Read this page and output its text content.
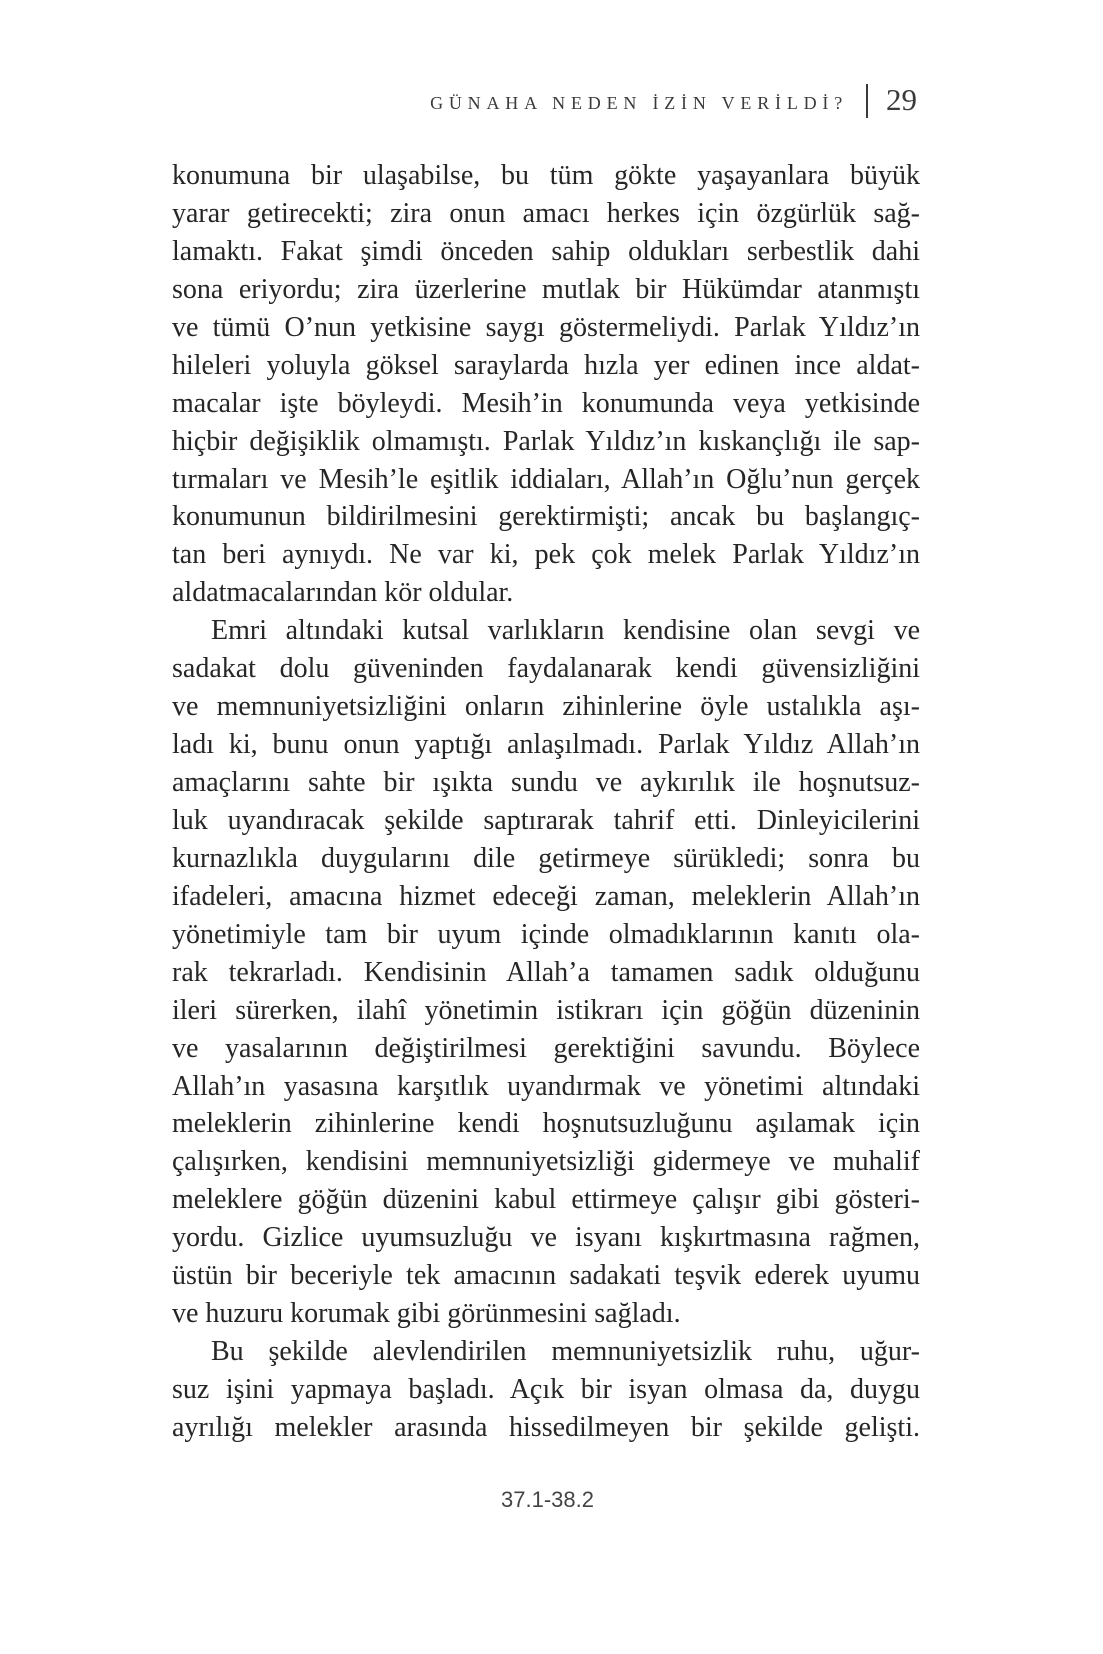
GÜNAHA NEDEN İZİN VERİLDİ? 29
konumuna bir ulaşabilse, bu tüm gökte yaşayanlara büyük
yarar getirecekti; zira onun amacı herkes için özgürlük sağ-
lamaktı. Fakat şimdi önceden sahip oldukları serbestlik dahi
sona eriyordu; zira üzerlerine mutlak bir Hükümdar atanmıştı
ve tümü O’nun yetkisine saygı göstermeliydi. Parlak Yıldız’ın
hileleri yoluyla göksel saraylarda hızla yer edinen ince aldat-
macalar işte böyleydi. Mesih’in konumunda veya yetkisinde
hiçbir değişiklik olmamıştı. Parlak Yıldız’ın kıskançlığı ile sap-
tırmaları ve Mesih’le eşitlik iddiaları, Allah’ın Oğlu’nun gerçek
konumunun bildirilmesini gerektirmişti; ancak bu başlangıç-
tan beri aynıydı. Ne var ki, pek çok melek Parlak Yıldız’ın
aldatmacalarından kör oldular.
Emri altındaki kutsal varlıkların kendisine olan sevgi ve
sadakat dolu güveninden faydalanarak kendi güvensizliğini
ve memnuniyetsizliğini onların zihinlerine öyle ustalıkla aşı-
ladı ki, bunu onun yaptığı anlaşılmadı. Parlak Yıldız Allah’ın
amaçlarını sahte bir ışıkta sundu ve aykırılık ile hoşnutsuz-
luk uyandıracak şekilde saptırarak tahrif etti. Dinleyicilerini
kurnazlıkla duygularını dile getirmeye sürükledi; sonra bu
ifadeleri, amacına hizmet edeceği zaman, meleklerin Allah’ın
yönetimiyle tam bir uyum içinde olmadıklarının kanıtı ola-
rak tekrarladı. Kendisinin Allah’a tamamen sadık olduğunu
ileri sürerken, ilahî yönetimin istikrarı için göğün düzeninin
ve yasalarının değiştirilmesi gerektiğini savundu. Böylece
Allah’ın yasasına karşıtlık uyandırmak ve yönetimi altındaki
meleklerin zihinlerine kendi hoşnutsuzluğunu aşılamak için
çalışırken, kendisini memnuniyetsizliği gidermeye ve muhalif
meleklere göğün düzenini kabul ettirmeye çalışır gibi gösteri-
yordu. Gizlice uyumsuzluğu ve isyanı kışkırtmasına rağmen,
üstün bir beceriyle tek amacının sadakati teşvik ederek uyumu
ve huzuru korumak gibi görünmesini sağladı.
Bu şekilde alevlendirilen memnuniyetsizlik ruhu, uğur-
suz işini yapmaya başladı. Açık bir isyan olmasa da, duygu
ayrılığı melekler arasında hissedilmeyen bir şekilde gelişti.
37.1-38.2
